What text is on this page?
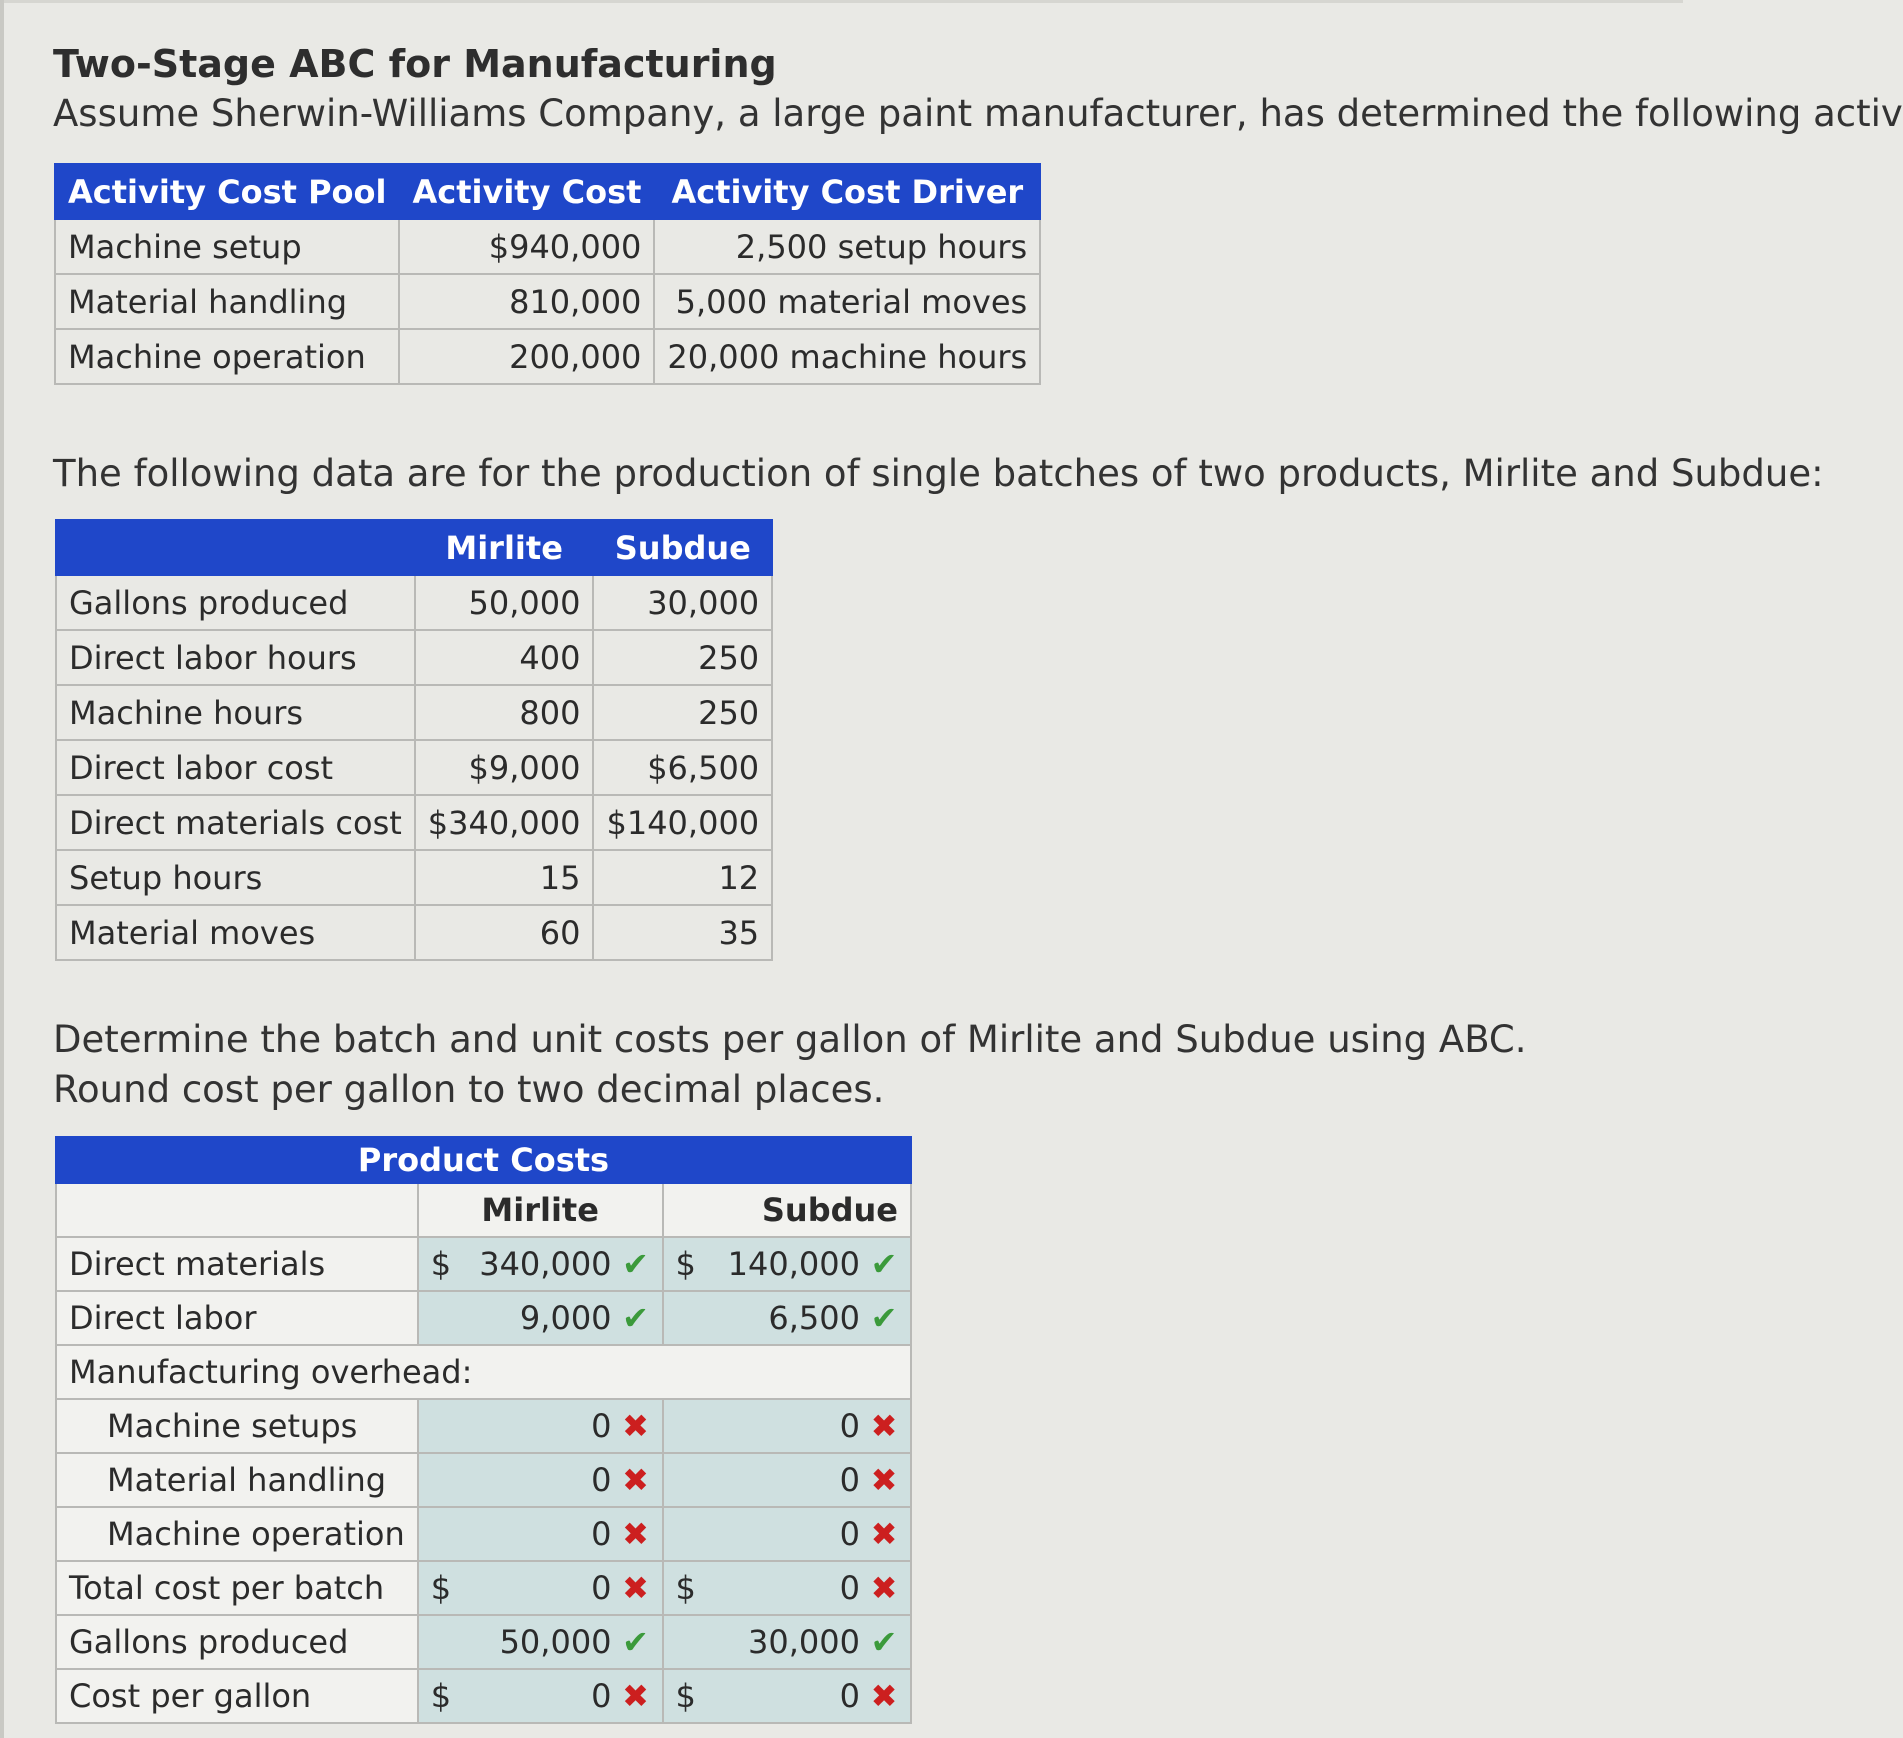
Two-Stage ABC for Manufacturing
Assume Sherwin-Williams Company, a large paint manufacturer, has determined the following activ
Activity Cost Pool	Activity Cost	Activity Cost Driver
Machine setup	$940,000	2,500 setup hours
Material handling	810,000	5,000 material moves
Machine operation	200,000	20,000 machine hours
The following data are for the production of single batches of two products, Mirlite and Subdue:
	Mirlite	Subdue
Gallons produced	50,000	30,000
Direct labor hours	400	250
Machine hours	800	250
Direct labor cost	$9,000	$6,500
Direct materials cost	$340,000	$140,000
Setup hours	15	12
Material moves	60	35
Determine the batch and unit costs per gallon of Mirlite and Subdue using ABC.
Round cost per gallon to two decimal places.
Product Costs		
	Mirlite	Subdue
Direct materials	$ 340,000 ✔	$ 140,000 ✔

Direct labor	9,000 ✔	6,500 ✔
Manufacturing overhead:		
Machine setups	0 ✖	0 ✖
Material handling	0 ✖	0 ✖
Machine operation	0 ✖	0 ✖
Total cost per batch	$ 0 ✖	$ 0 ✖

Gallons produced	50,000 ✔	30,000 ✔
Cost per gallon	$ 0 ✖	$ 0 ✖
